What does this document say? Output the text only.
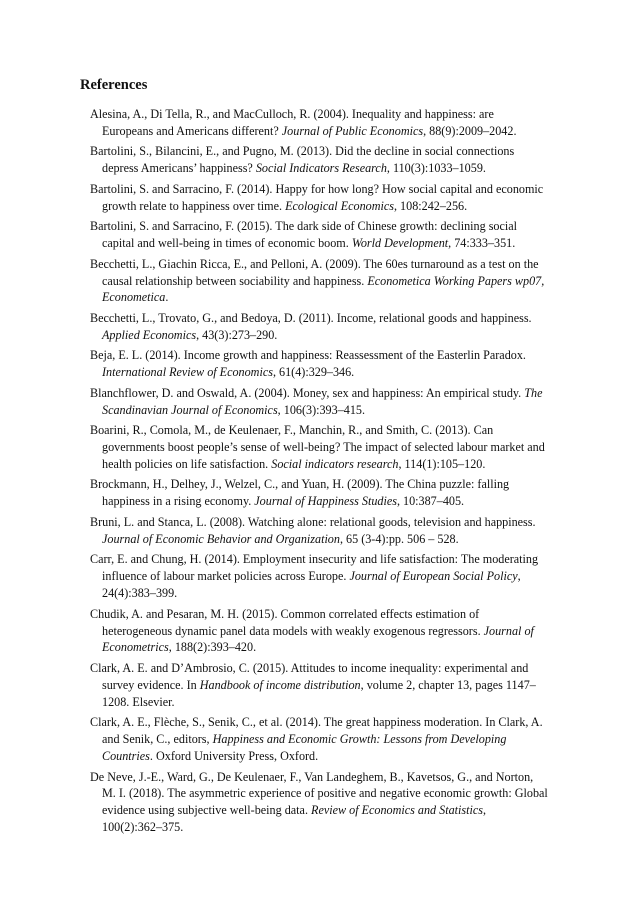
References
Alesina, A., Di Tella, R., and MacCulloch, R. (2004). Inequality and happiness: are Europeans and Americans different? Journal of Public Economics, 88(9):2009–2042.
Bartolini, S., Bilancini, E., and Pugno, M. (2013). Did the decline in social connections depress Americans’ happiness? Social Indicators Research, 110(3):1033–1059.
Bartolini, S. and Sarracino, F. (2014). Happy for how long? How social capital and economic growth relate to happiness over time. Ecological Economics, 108:242–256.
Bartolini, S. and Sarracino, F. (2015). The dark side of Chinese growth: declining social capital and well-being in times of economic boom. World Development, 74:333–351.
Becchetti, L., Giachin Ricca, E., and Pelloni, A. (2009). The 60es turnaround as a test on the causal relationship between sociability and happiness. Econometica Working Papers wp07, Econometica.
Becchetti, L., Trovato, G., and Bedoya, D. (2011). Income, relational goods and happiness. Applied Economics, 43(3):273–290.
Beja, E. L. (2014). Income growth and happiness: Reassessment of the Easterlin Paradox. International Review of Economics, 61(4):329–346.
Blanchflower, D. and Oswald, A. (2004). Money, sex and happiness: An empirical study. The Scandinavian Journal of Economics, 106(3):393–415.
Boarini, R., Comola, M., de Keulenaer, F., Manchin, R., and Smith, C. (2013). Can governments boost people’s sense of well-being? The impact of selected labour market and health policies on life satisfaction. Social indicators research, 114(1):105–120.
Brockmann, H., Delhey, J., Welzel, C., and Yuan, H. (2009). The China puzzle: falling happiness in a rising economy. Journal of Happiness Studies, 10:387–405.
Bruni, L. and Stanca, L. (2008). Watching alone: relational goods, television and happiness. Journal of Economic Behavior and Organization, 65 (3-4):pp. 506 – 528.
Carr, E. and Chung, H. (2014). Employment insecurity and life satisfaction: The moderating influence of labour market policies across Europe. Journal of European Social Policy, 24(4):383–399.
Chudik, A. and Pesaran, M. H. (2015). Common correlated effects estimation of heterogeneous dynamic panel data models with weakly exogenous regressors. Journal of Econometrics, 188(2):393–420.
Clark, A. E. and D’Ambrosio, C. (2015). Attitudes to income inequality: experimental and survey evidence. In Handbook of income distribution, volume 2, chapter 13, pages 1147–1208. Elsevier.
Clark, A. E., Flèche, S., Senik, C., et al. (2014). The great happiness moderation. In Clark, A. and Senik, C., editors, Happiness and Economic Growth: Lessons from Developing Countries. Oxford University Press, Oxford.
De Neve, J.-E., Ward, G., De Keulenaer, F., Van Landeghem, B., Kavetsos, G., and Norton, M. I. (2018). The asymmetric experience of positive and negative economic growth: Global evidence using subjective well-being data. Review of Economics and Statistics, 100(2):362–375.
